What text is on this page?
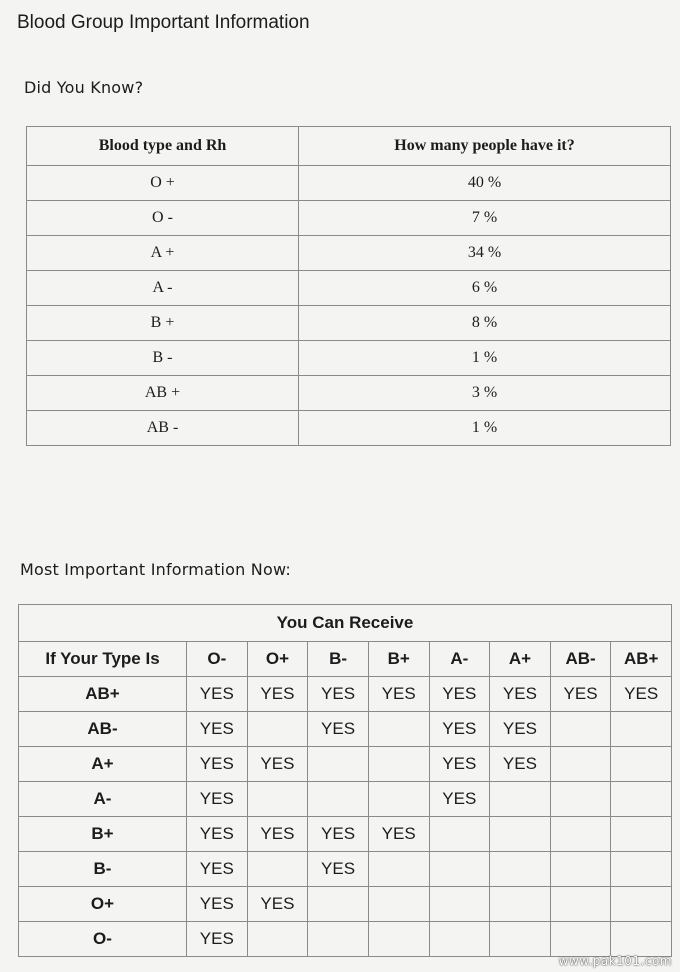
Blood Group Important Information
Did You Know?
Blood type and Rh	How many people have it?
O +	40 %
O -	7 %
A +	34 %
A -	6 %
B +	8 %
B -	1 %
AB +	3 %
AB -	1 %
Most Important Information Now:
You Can Receive								
If Your Type Is	O-	O+	B-	B+	A-	A+	AB-	AB+
AB+	YES	YES	YES	YES	YES	YES	YES	YES
AB-	YES		YES		YES	YES		
A+	YES	YES			YES	YES		
A-	YES				YES			
B+	YES	YES	YES	YES				
B-	YES		YES					
O+	YES	YES						
O-	YES							
www.pak101.com
